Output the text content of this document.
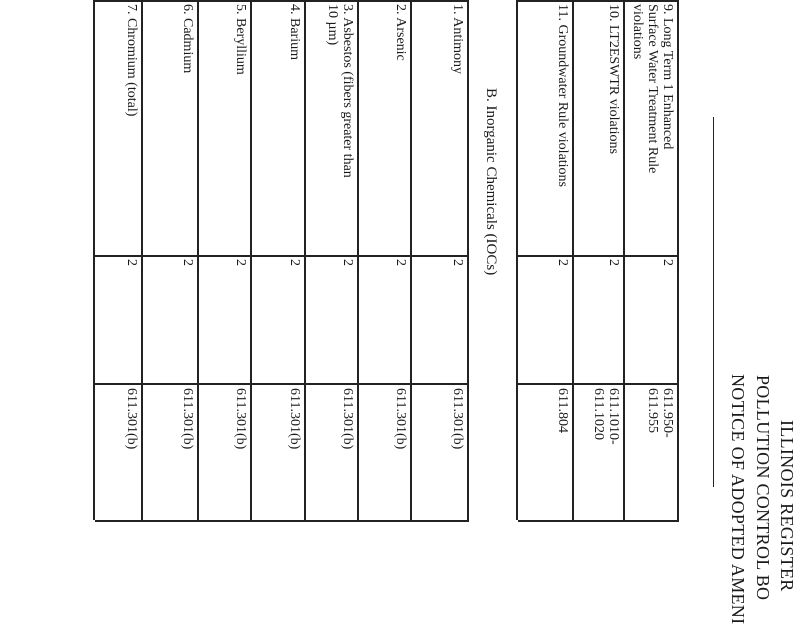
ILLINOIS REGISTER
POLLUTION CONTROL BO
NOTICE OF ADOPTED AMENI
B. Inorganic Chemicals (IOCs)
9. Long Term 1 Enhanced
Surface Water Treatment Rule
violations
2
611.950-
611.955
10. LT2ESWTR violations
2
611.1010-
611.1020
11. Groundwater Rule violations
2
611.804
1. Antimony
2
611.301(b)
2. Arsenic
2
611.301(b)
3. Asbestos (fibers greater than
10 µm)
2
611.301(b)
4. Barium
2
611.301(b)
5. Beryllium
2
611.301(b)
6. Cadmium
2
611.301(b)
7. Chromium (total)
2
611.301(b)
